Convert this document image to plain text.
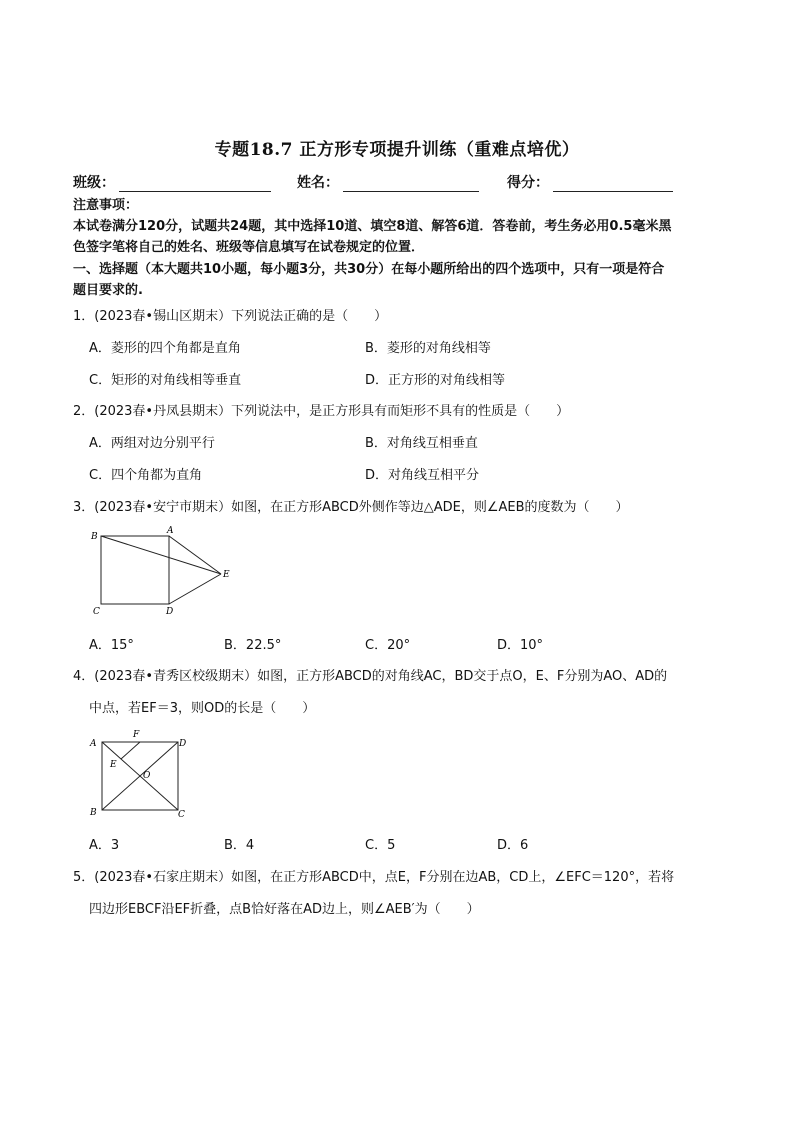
专题18.7 正方形专项提升训练（重难点培优）
班级：	姓名：	得分：
注意事项：
本试卷满分120分，试题共24题，其中选择10道、填空8道、解答6道．答卷前，考生务必用0.5毫米黑
色签字笔将自己的姓名、班级等信息填写在试卷规定的位置．
一、选择题（本大题共10小题，每小题3分，共30分）在每小题所给出的四个选项中，只有一项是符合
题目要求的.
1．(2023春•锡山区期末）下列说法正确的是（　　）
A．菱形的四个角都是直角	B．菱形的对角线相等
C．矩形的对角线相等垂直	D．正方形的对角线相等
2．(2023春•丹凤县期末）下列说法中，是正方形具有而矩形不具有的性质是（　　）
A．两组对边分别平行	B．对角线互相垂直
C．四个角都为直角	D．对角线互相平分
3．(2023春•安宁市期末）如图，在正方形ABCD外侧作等边△ADE，则∠AEB的度数为（　　）
B
A
E
C	D
A．15°	B．22.5°	C．20°	D．10°
4．(2023春•青秀区校级期末）如图，正方形ABCD的对角线AC，BD交于点O，E、F分别为AO、AD的
中点，若EF＝3，则OD的长是（　　）
A
F
D
E
O
B	C
A．3	B．4	C．5	D．6
5．(2023春•石家庄期末）如图，在正方形ABCD中，点E，F分别在边AB，CD上，∠EFC＝120°，若将
四边形EBCF沿EF折叠，点B恰好落在AD边上，则∠AEB′为（　　）
